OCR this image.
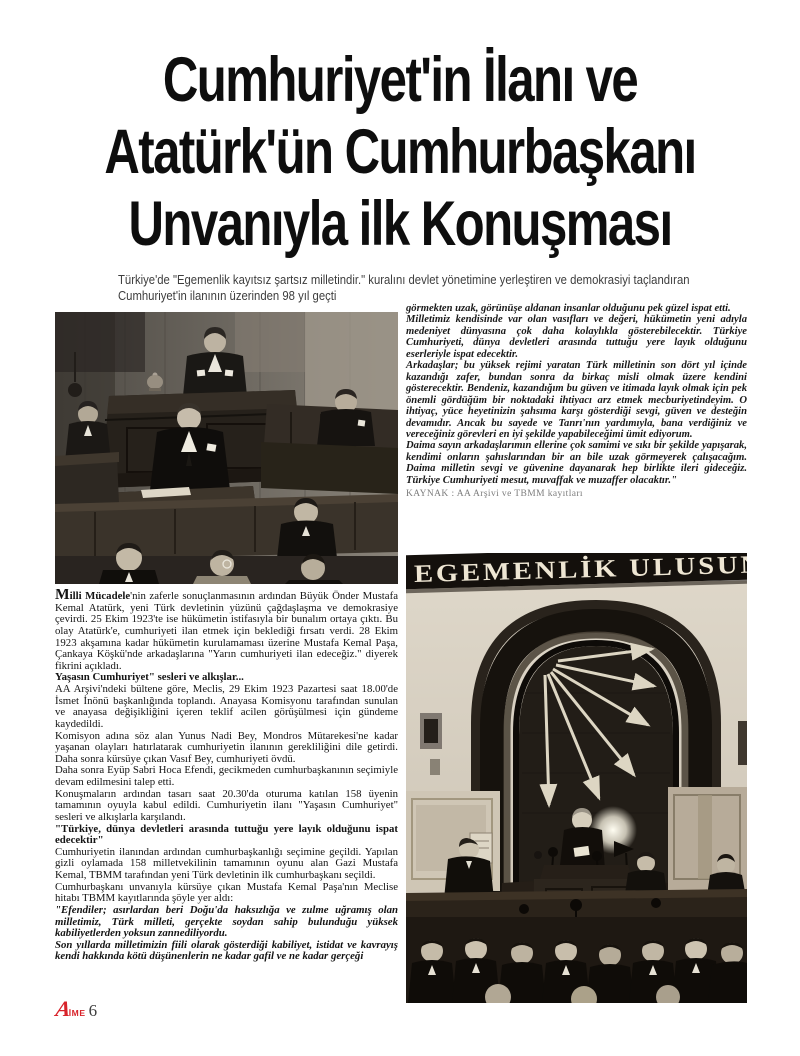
Cumhuriyet'in İlanı ve
Atatürk'ün Cumhurbaşkanı
Unvanıyla ilk Konuşması

Türkiye'de "Egemenlik kayıtsız şartsız milletindir." kuralını devlet yönetimine yerleştiren ve demokrasiyi taçlandıran Cumhuriyet'in ilanının üzerinden 98 yıl geçti

görmekten uzak, görünüşe aldanan insanlar olduğunu pek güzel ispat etti.

Milletimiz kendisinde var olan vasıfları ve değeri, hükümetin yeni adıyla medeniyet dünyasına çok daha kolaylıkla gösterebilecektir. Türkiye Cumhuriyeti, dünya devletleri arasında tuttuğu yere layık olduğunu eserleriyle ispat edecektir.

Arkadaşlar; bu yüksek rejimi yaratan Türk milletinin son dört yıl içinde kazandığı zafer, bundan sonra da birkaç misli olmak üzere kendini gösterecektir. Bendeniz, kazandığım bu güven ve itimada layık olmak için pek önemli gördüğüm bir noktadaki ihtiyacı arz etmek mecburiyetindeyim. O ihtiyaç, yüce heyetinizin şahsıma karşı gösterdiği sevgi, güven ve desteğin devamıdır. Ancak bu sayede ve Tanrı'nın yardımıyla, bana verdiğiniz ve vereceğiniz görevleri en iyi şekilde yapabileceğimi ümit ediyorum.

Daima sayın arkadaşlarımın ellerine çok samimi ve sıkı bir şekilde yapışarak, kendimi onların şahıslarından bir an bile uzak görmeyerek çalışacağım. Daima milletin sevgi ve güvenine dayanarak hep birlikte ileri gideceğiz. Türkiye Cumhuriyeti mesut, muvaffak ve muzaffer olacaktır."

KAYNAK : AA Arşivi ve TBMM kayıtları

EGEMENLİK ULUSUN

Milli Mücadele'nin zaferle sonuçlanmasının ardından Büyük Önder Mustafa Kemal Atatürk, yeni Türk devletinin yüzünü çağdaşlaşma ve demokrasiye çevirdi. 25 Ekim 1923'te ise hükümetin istifasıyla bir bunalım ortaya çıktı. Bu olay Atatürk'e, cumhuriyeti ilan etmek için beklediği fırsatı verdi. 28 Ekim 1923 akşamına kadar hükümetin kurulamaması üzerine Mustafa Kemal Paşa, Çankaya Köşkü'nde arkadaşlarına "Yarın cumhuriyeti ilan edeceğiz." diyerek fikrini açıkladı.

Yaşasın Cumhuriyet" sesleri ve alkışlar...

AA Arşivi'ndeki bültene göre, Meclis, 29 Ekim 1923 Pazartesi saat 18.00'de İsmet İnönü başkanlığında toplandı. Anayasa Komisyonu tarafından sunulan ve anayasa değişikliğini içeren teklif acilen görüşülmesi için gündeme kaydedildi.

Komisyon adına söz alan Yunus Nadi Bey, Mondros Mütarekesi'ne kadar yaşanan olayları hatırlatarak cumhuriyetin ilanının gerekliliğini dile getirdi. Daha sonra kürsüye çıkan Vasıf Bey, cumhuriyeti övdü.

Daha sonra Eyüp Sabri Hoca Efendi, gecikmeden cumhurbaşkanının seçimiyle devam edilmesini talep etti.

Konuşmaların ardından tasarı saat 20.30'da oturuma katılan 158 üyenin tamamının oyuyla kabul edildi. Cumhuriyetin ilanı "Yaşasın Cumhuriyet" sesleri ve alkışlarla karşılandı.

"Türkiye, dünya devletleri arasında tuttuğu yere layık olduğunu ispat edecektir"

Cumhuriyetin ilanından ardından cumhurbaşkanlığı seçimine geçildi. Yapılan gizli oylamada 158 milletvekilinin tamamının oyunu alan Gazi Mustafa Kemal, TBMM tarafından yeni Türk devletinin ilk cumhurbaşkanı seçildi.

Cumhurbaşkanı unvanıyla kürsüye çıkan Mustafa Kemal Paşa'nın Meclise hitabı TBMM kayıtlarında şöyle yer aldı:

"Efendiler; asırlardan beri Doğu'da haksızlığa ve zulme uğramış olan milletimiz, Türk milleti, gerçekte soydan sahip bulunduğu yüksek kabiliyetlerden yoksun zannediliyordu.

Son yıllarda milletimizin fiili olarak gösterdiği kabiliyet, istidat ve kavrayış kendi hakkında kötü düşünenlerin ne kadar gafil ve ne kadar gerçeği

A
İME 6
